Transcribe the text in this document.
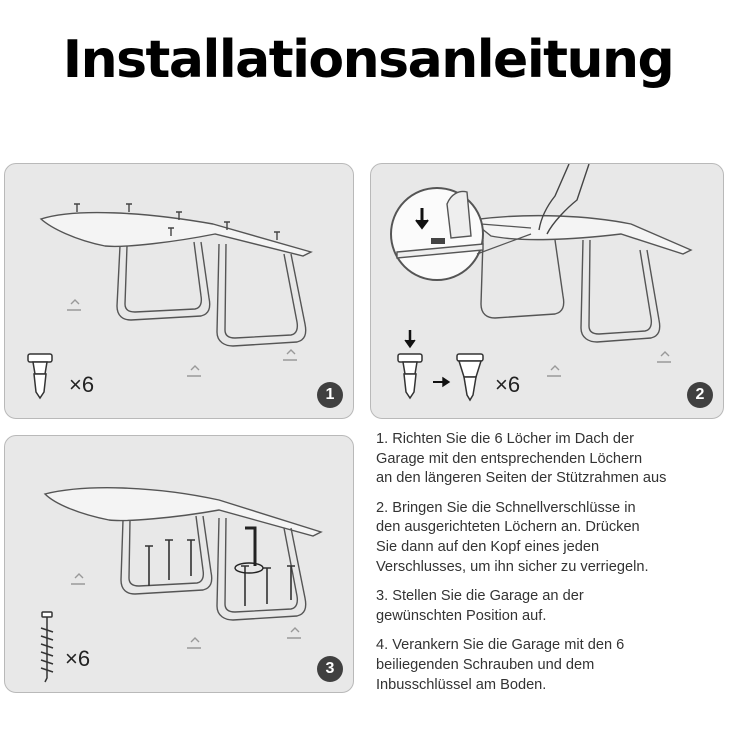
Installationsanleitung
×6	1	×6	2
×6	3
1. Richten Sie die 6 Löcher im Dach der
Garage mit den entsprechenden Löchern
an den längeren Seiten der Stützrahmen aus
2. Bringen Sie die Schnellverschlüsse in
den ausgerichteten Löchern an. Drücken
Sie dann auf den Kopf eines jeden
Verschlusses, um ihn sicher zu verriegeln.
3. Stellen Sie die Garage an der
gewünschten Position auf.
4. Verankern Sie die Garage mit den 6
beiliegenden Schrauben und dem
Inbusschlüssel am Boden.
